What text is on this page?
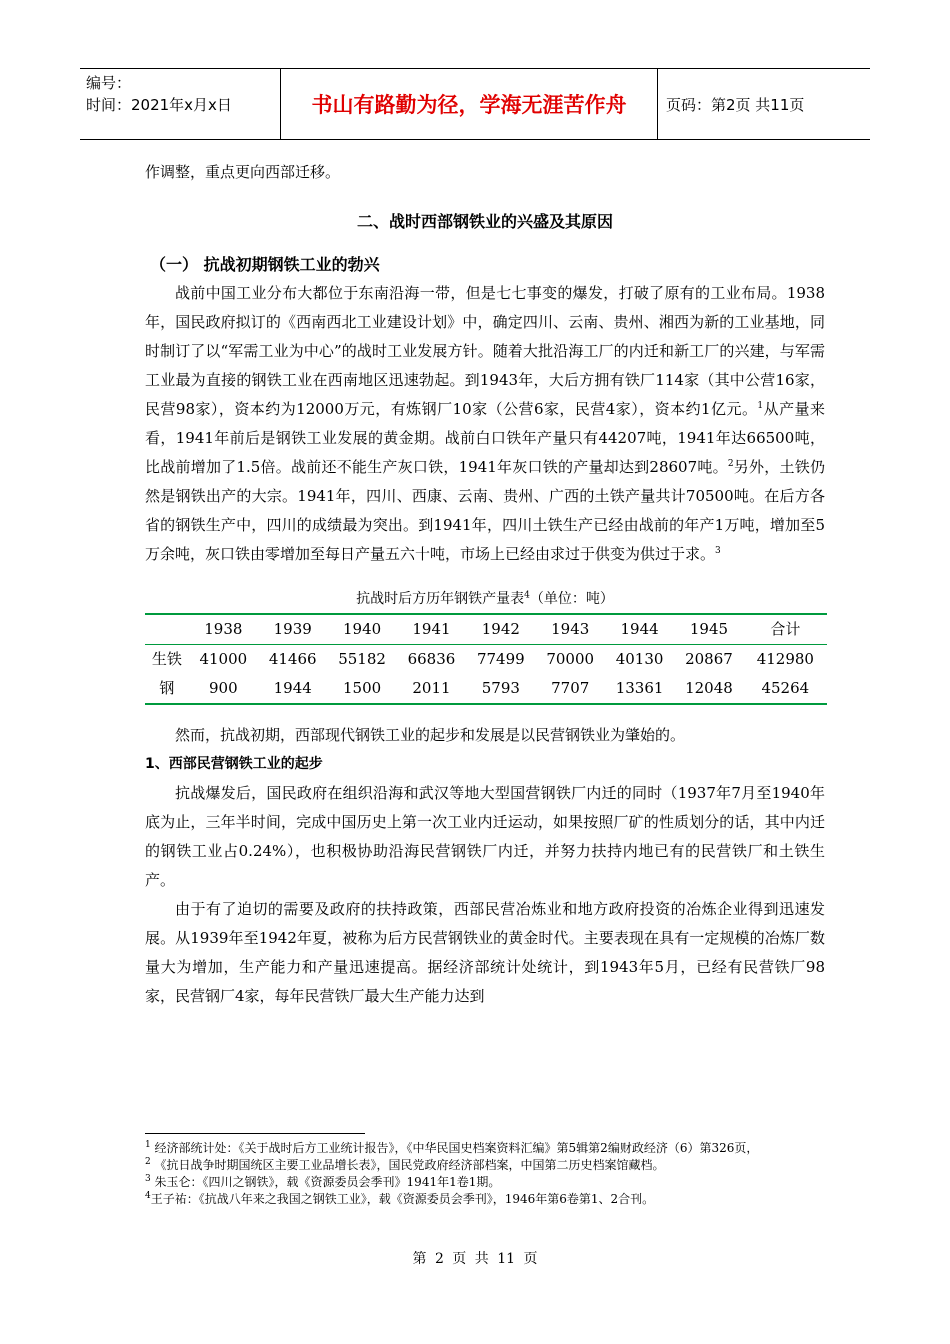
编号：
时间：2021年x月x日	书山有路勤为径，学海无涯苦作舟	页码：第2页 共11页

作调整，重点更向西部迁移。

二、战时西部钢铁业的兴盛及其原因
（一） 抗战初期钢铁工业的勃兴

战前中国工业分布大都位于东南沿海一带，但是七七事变的爆发，打破了原有的工业布局。1938年，国民政府拟订的《西南西北工业建设计划》中，确定四川、云南、贵州、湘西为新的工业基地，同时制订了以“军需工业为中心”的战时工业发展方针。随着大批沿海工厂的内迁和新工厂的兴建，与军需工业最为直接的钢铁工业在西南地区迅速勃起。到1943年，大后方拥有铁厂114家（其中公营16家，民营98家），资本约为12000万元，有炼钢厂10家（公营6家，民营4家），资本约1亿元。$^1$从产量来看，1941年前后是钢铁工业发展的黄金期。战前白口铁年产量只有44207吨，1941年达66500吨，比战前增加了1.5倍。战前还不能生产灰口铁，1941年灰口铁的产量却达到28607吨。$^2$另外，土铁仍然是钢铁出产的大宗。1941年，四川、西康、云南、贵州、广西的土铁产量共计70500吨。在后方各省的钢铁生产中，四川的成绩最为突出。到1941年，四川土铁生产已经由战前的年产1万吨，增加至5万余吨，灰口铁由零增加至每日产量五六十吨，市场上已经由求过于供变为供过于求。$^3$

抗战时后方历年钢铁产量表$^4$（单位：吨）
	1938	1939	1940	1941	1942	1943	1944	1945	合计
生铁	41000	41466	55182	66836	77499	70000	40130	20867	412980
钢	900	1944	1500	2011	5793	7707	13361	12048	45264

然而，抗战初期，西部现代钢铁工业的起步和发展是以民营钢铁业为肇始的。

1、西部民营钢铁工业的起步

抗战爆发后，国民政府在组织沿海和武汉等地大型国营钢铁厂内迁的同时（1937年7月至1940年底为止，三年半时间，完成中国历史上第一次工业内迁运动，如果按照厂矿的性质划分的话，其中内迁的钢铁工业占0.24%），也积极协助沿海民营钢铁厂内迁，并努力扶持内地已有的民营铁厂和土铁生产。

由于有了迫切的需要及政府的扶持政策，西部民营冶炼业和地方政府投资的冶炼企业得到迅速发展。从1939年至1942年夏，被称为后方民营钢铁业的黄金时代。主要表现在具有一定规模的冶炼厂数量大为增加，生产能力和产量迅速提高。据经济部统计处统计，到1943年5月，已经有民营铁厂98家，民营钢厂4家，每年民营铁厂最大生产能力达到

$^1$ 经济部统计处：《关于战时后方工业统计报告》，《中华民国史档案资料汇编》第5辑第2编财政经济（6）第326页，
$^2$ 《抗日战争时期国统区主要工业品增长表》，国民党政府经济部档案，中国第二历史档案馆藏档。
$^3$ 朱玉仑：《四川之钢铁》，载《资源委员会季刊》1941年1卷1期。
$^4$王子祐：《抗战八年来之我国之钢铁工业》，载《资源委员会季刊》，1946年第6卷第1、2合刊。
第 2 页 共 11 页
